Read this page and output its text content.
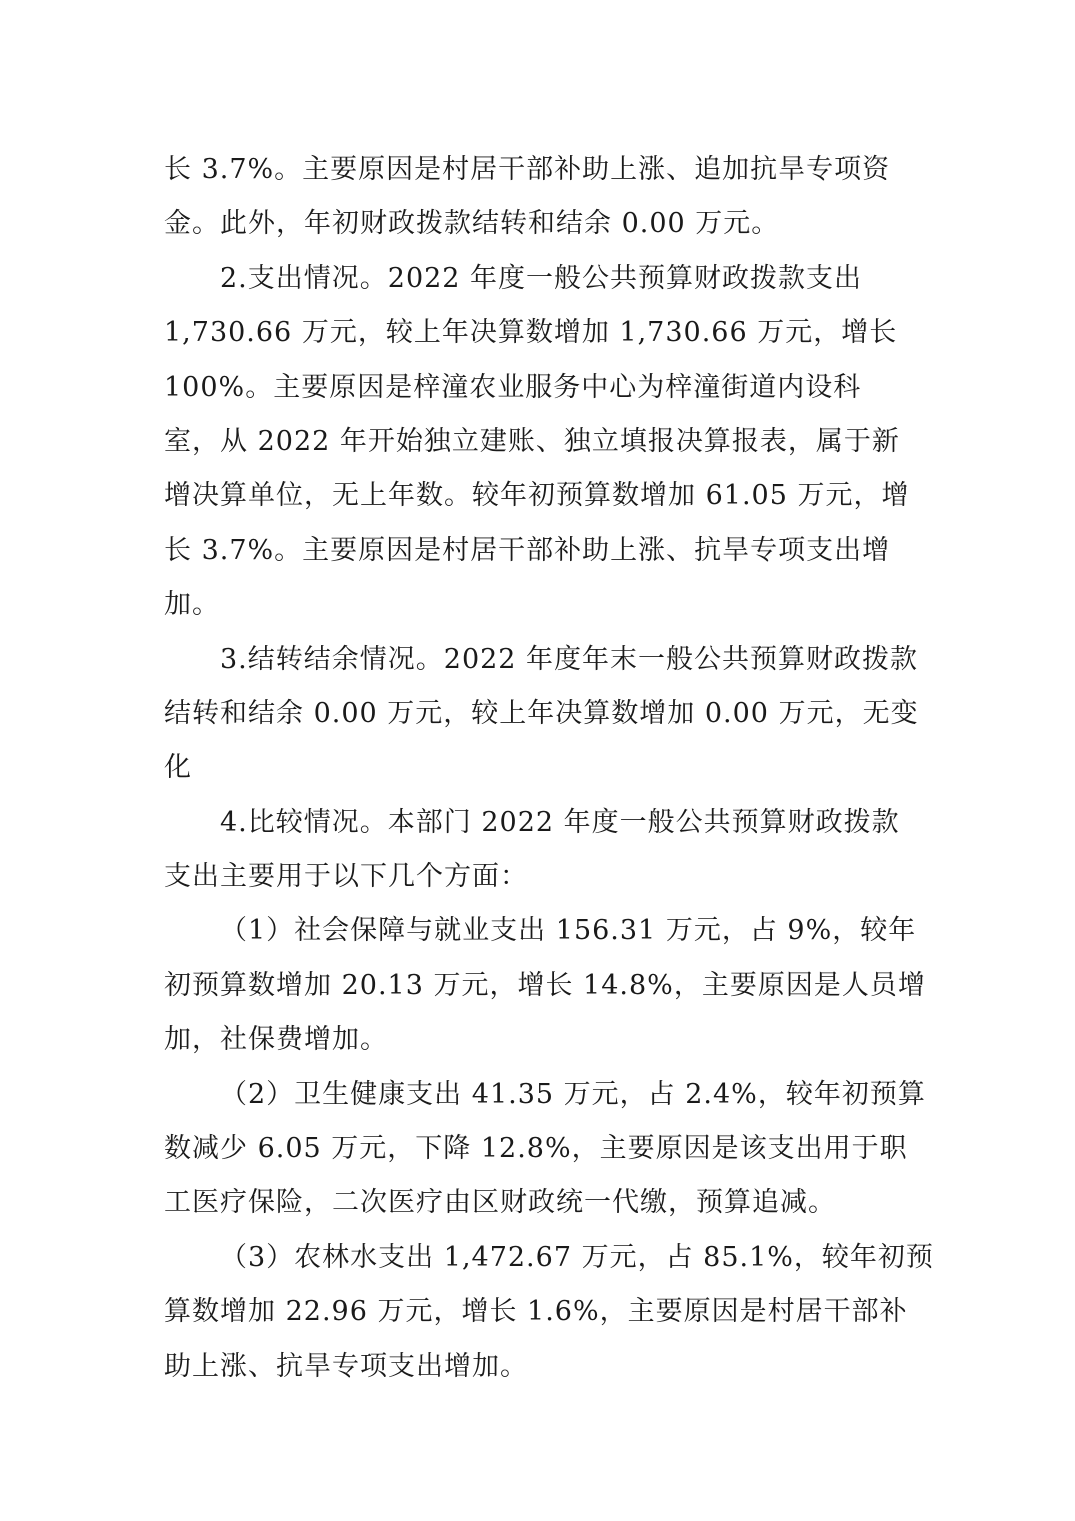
长 3.7%。主要原因是村居干部补助上涨、追加抗旱专项资
金。此外，年初财政拨款结转和结余 0.00 万元。
2.支出情况。2022 年度一般公共预算财政拨款支出
1,730.66 万元，较上年决算数增加 1,730.66 万元，增长
100%。主要原因是梓潼农业服务中心为梓潼街道内设科
室，从 2022 年开始独立建账、独立填报决算报表，属于新
增决算单位，无上年数。较年初预算数增加 61.05 万元，增
长 3.7%。主要原因是村居干部补助上涨、抗旱专项支出增
加。
3.结转结余情况。2022 年度年末一般公共预算财政拨款
结转和结余 0.00 万元，较上年决算数增加 0.00 万元，无变
化
4.比较情况。本部门 2022 年度一般公共预算财政拨款
支出主要用于以下几个方面：
（1）社会保障与就业支出 156.31 万元，占 9%，较年
初预算数增加 20.13 万元，增长 14.8%，主要原因是人员增
加，社保费增加。
（2）卫生健康支出 41.35 万元，占 2.4%，较年初预算
数减少 6.05 万元，下降 12.8%，主要原因是该支出用于职
工医疗保险，二次医疗由区财政统一代缴，预算追减。
（3）农林水支出 1,472.67 万元，占 85.1%，较年初预
算数增加 22.96 万元，增长 1.6%，主要原因是村居干部补
助上涨、抗旱专项支出增加。
